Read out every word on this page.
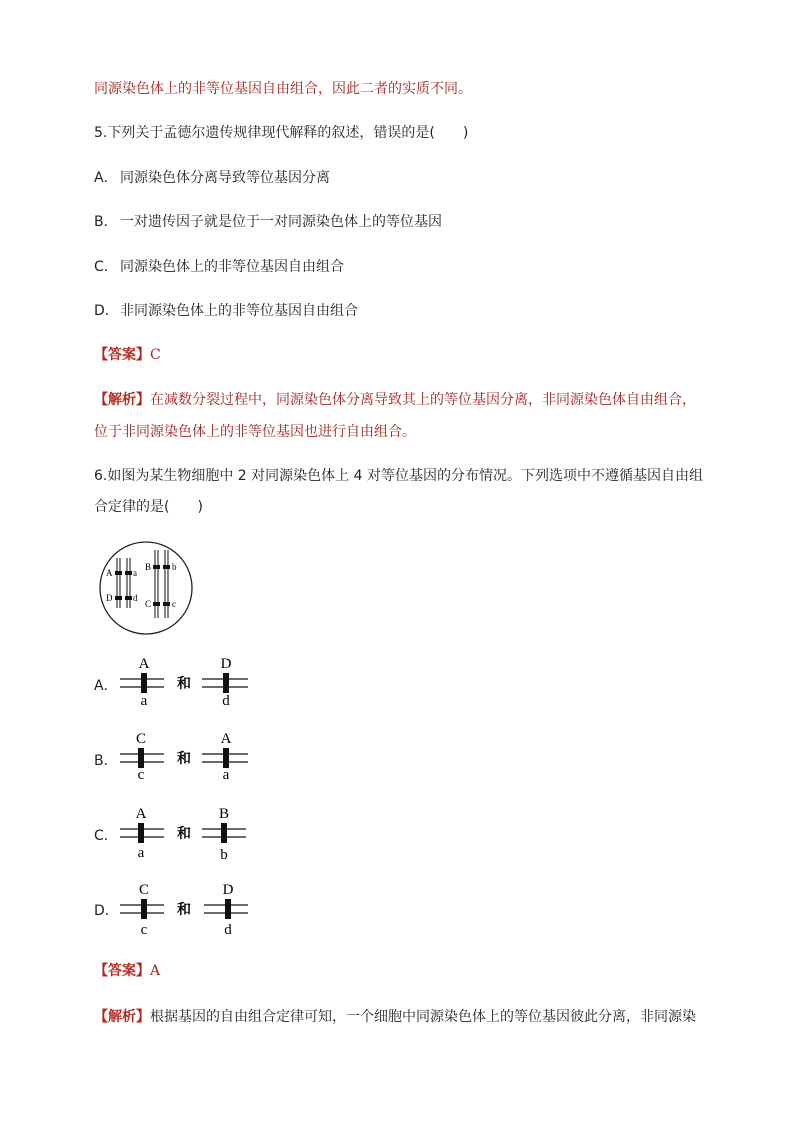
同源染色体上的非等位基因自由组合，因此二者的实质不同。
5.下列关于孟德尔遗传规律现代解释的叙述，错误的是(　　)
A． 同源染色体分离导致等位基因分离
B． 一对遗传因子就是位于一对同源染色体上的等位基因
C． 同源染色体上的非等位基因自由组合
D．非同源染色体上的非等位基因自由组合
【答案】C
【解析】在减数分裂过程中，同源染色体分离导致其上的等位基因分离，非同源染色体自由组合，
位于非同源染色体上的非等位基因也进行自由组合。
6.如图为某生物细胞中 2 对同源染色体上 4 对等位基因的分布情况。下列选项中不遵循基因自由组
合定律的是(　　)
A a
D d
B b
C c
A．
A
a
和
D
d
B．
C
c
和
A
a
C．
A
a
和
B
b
D．
C
c
和
D
d
【答案】A
【解析】根据基因的自由组合定律可知，一个细胞中同源染色体上的等位基因彼此分离，非同源染
